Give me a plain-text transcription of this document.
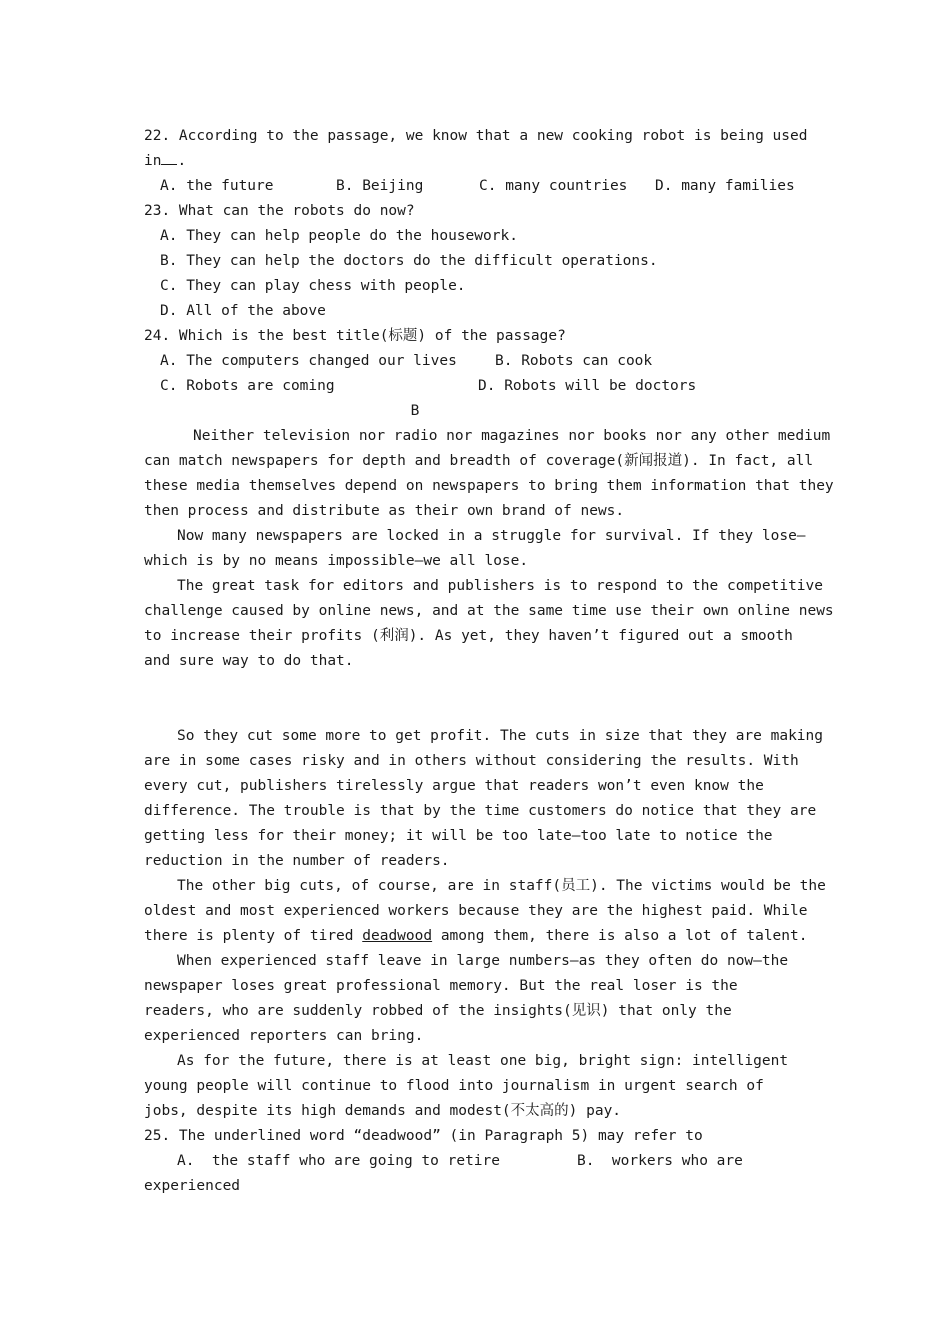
22. According to the passage, we know that a new cooking robot is being used
in .
A. the future	B. Beijing	C. many countries D. many families
23. What can the robots do now?
A. They can help people do the housework.
B. They can help the doctors do the difficult operations.
C. They can play chess with people.
D. All of the above
24. Which is the best title(标题) of the passage?
A. The computers changed our lives	B. Robots can cook
C. Robots are coming	D. Robots will be doctors
B
Neither television nor radio nor magazines nor books nor any other medium
can match newspapers for depth and breadth of coverage(新闻报道). In fact, all
these media themselves depend on newspapers to bring them information that they
then process and distribute as their own brand of news.
Now many newspapers are locked in a struggle for survival. If they lose—
which is by no means impossible—we all lose.
The great task for editors and publishers is to respond to the competitive
challenge caused by online news, and at the same time use their own online news
to increase their profits (利润). As yet, they haven’t figured out a smooth
and sure way to do that.
So they cut some more to get profit. The cuts in size that they are making
are in some cases risky and in others without considering the results. With
every cut, publishers tirelessly argue that readers won’t even know the
difference. The trouble is that by the time customers do notice that they are
getting less for their money; it will be too late—too late to notice the
reduction in the number of readers.
The other big cuts, of course, are in staff(员工). The victims would be the
oldest and most experienced workers because they are the highest paid. While
there is plenty of tired deadwood among them, there is also a lot of talent.
When experienced staff leave in large numbers—as they often do now—the
newspaper loses great professional memory. But the real loser is the
readers, who are suddenly robbed of the insights(见识) that only the
experienced reporters can bring.
As for the future, there is at least one big, bright sign: intelligent
young people will continue to flood into journalism in urgent search of
jobs, despite its high demands and modest(不太高的) pay.
25. The underlined word “deadwood” (in Paragraph 5) may refer to
A.  the staff who are going to retire	B.  workers who are
experienced
